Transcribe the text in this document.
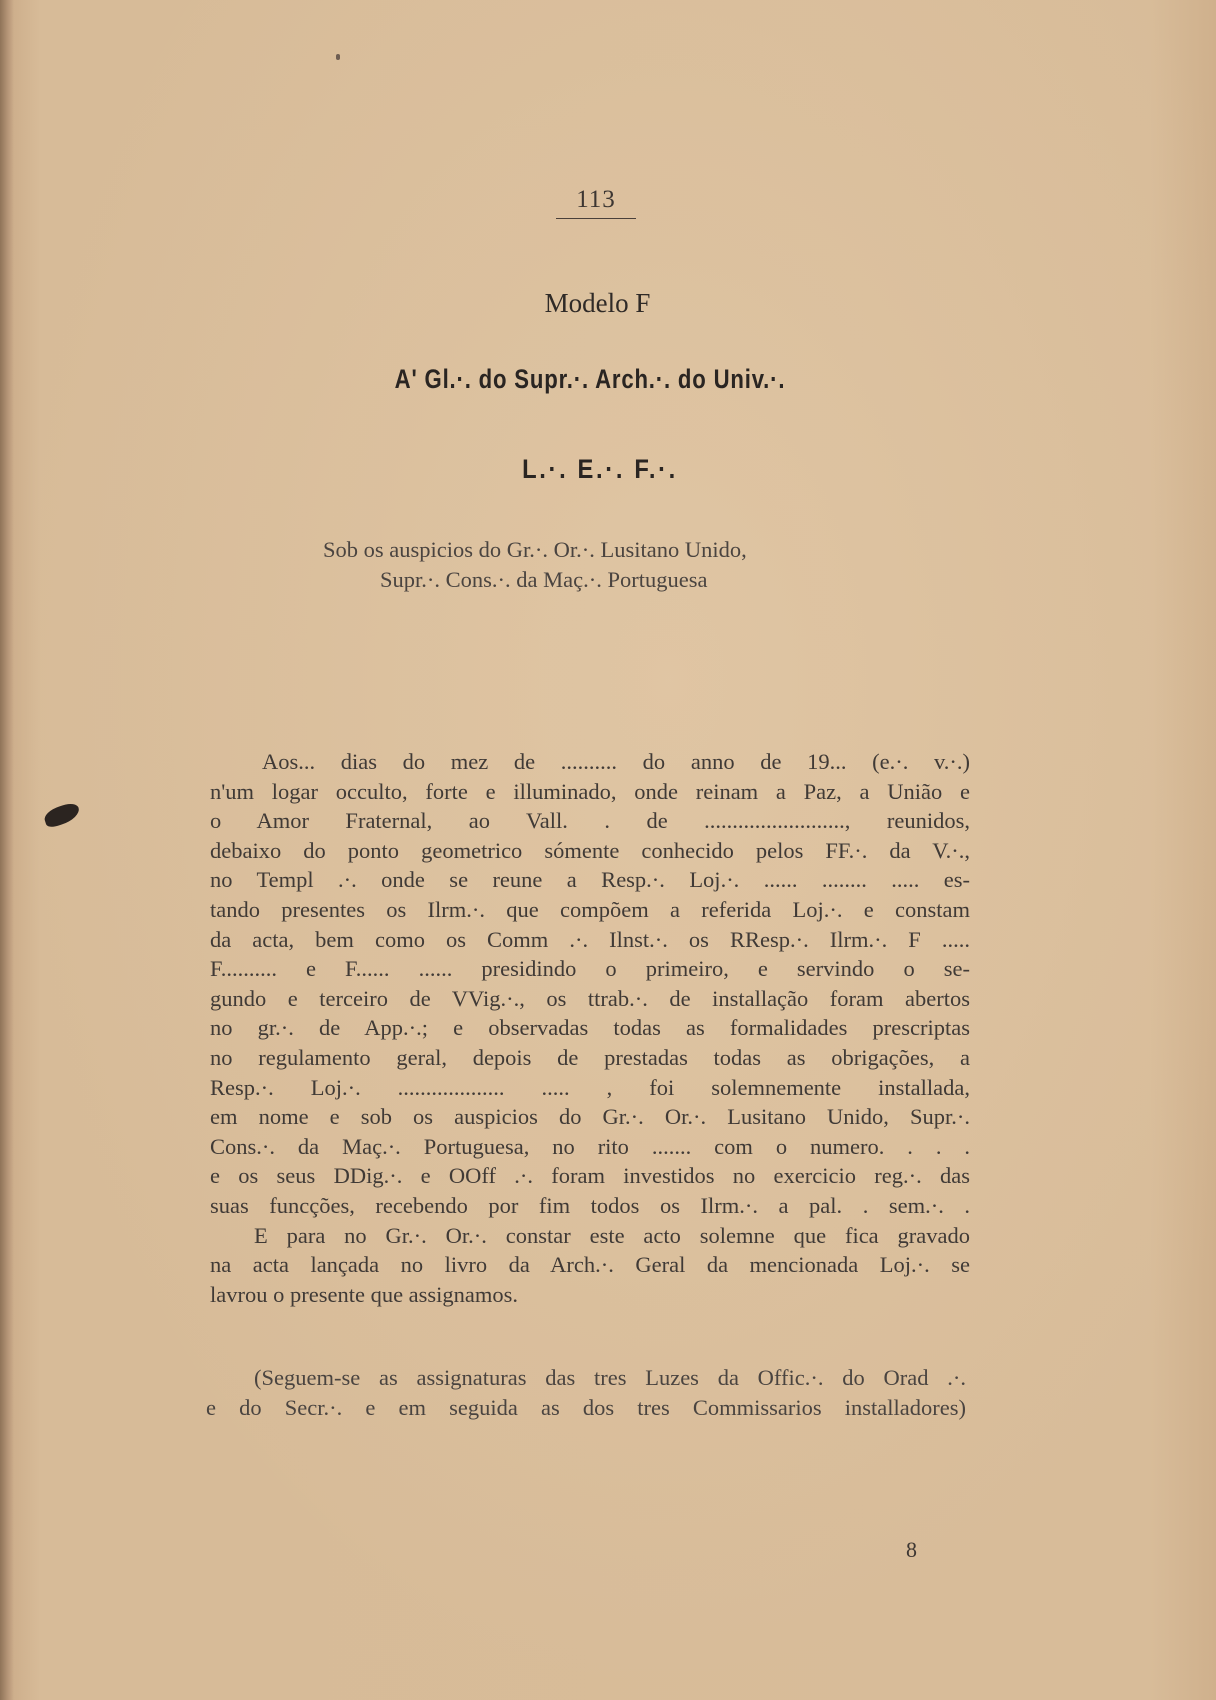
113
Modelo F
A' Gl.·. do Supr.·. Arch.·. do Univ.·.
L.·. E.·. F.·.
Sob os auspicios do Gr.·. Or.·. Lusitano Unido,
Supr.·. Cons.·. da Maç.·. Portuguesa
Aos... dias do mez de .......... do anno de 19... (e.·. v.·.)
n'um logar occulto, forte e illuminado, onde reinam a Paz, a União e
o Amor Fraternal, ao Vall. . de ........................., reunidos,
debaixo do ponto geometrico sómente conhecido pelos FF.·. da V.·.,
no Templ .·. onde se reune a Resp.·. Loj.·. ...... ........ ..... es-
tando presentes os Ilrm.·. que compõem a referida Loj.·. e constam
da acta, bem como os Comm .·. Ilnst.·. os RResp.·. Ilrm.·. F .....
F.......... e F...... ...... presidindo o primeiro, e servindo o se-
gundo e terceiro de VVig.·., os ttrab.·. de installação foram abertos
no gr.·. de App.·.; e observadas todas as formalidades prescriptas
no regulamento geral, depois de prestadas todas as obrigações, a
Resp.·. Loj.·. ................... ..... , foi solemnemente installada,
em nome e sob os auspicios do Gr.·. Or.·. Lusitano Unido, Supr.·.
Cons.·. da Maç.·. Portuguesa, no rito ....... com o numero. . . .
e os seus DDig.·. e OOff .·. foram investidos no exercicio reg.·. das
suas funcções, recebendo por fim todos os Ilrm.·. a pal. . sem.·. .
E para no Gr.·. Or.·. constar este acto solemne que fica gravado
na acta lançada no livro da Arch.·. Geral da mencionada Loj.·. se
lavrou o presente que assignamos.
(Seguem-se as assignaturas das tres Luzes da Offic.·. do Orad .·.
e do Secr.·. e em seguida as dos tres Commissarios installadores)
8
